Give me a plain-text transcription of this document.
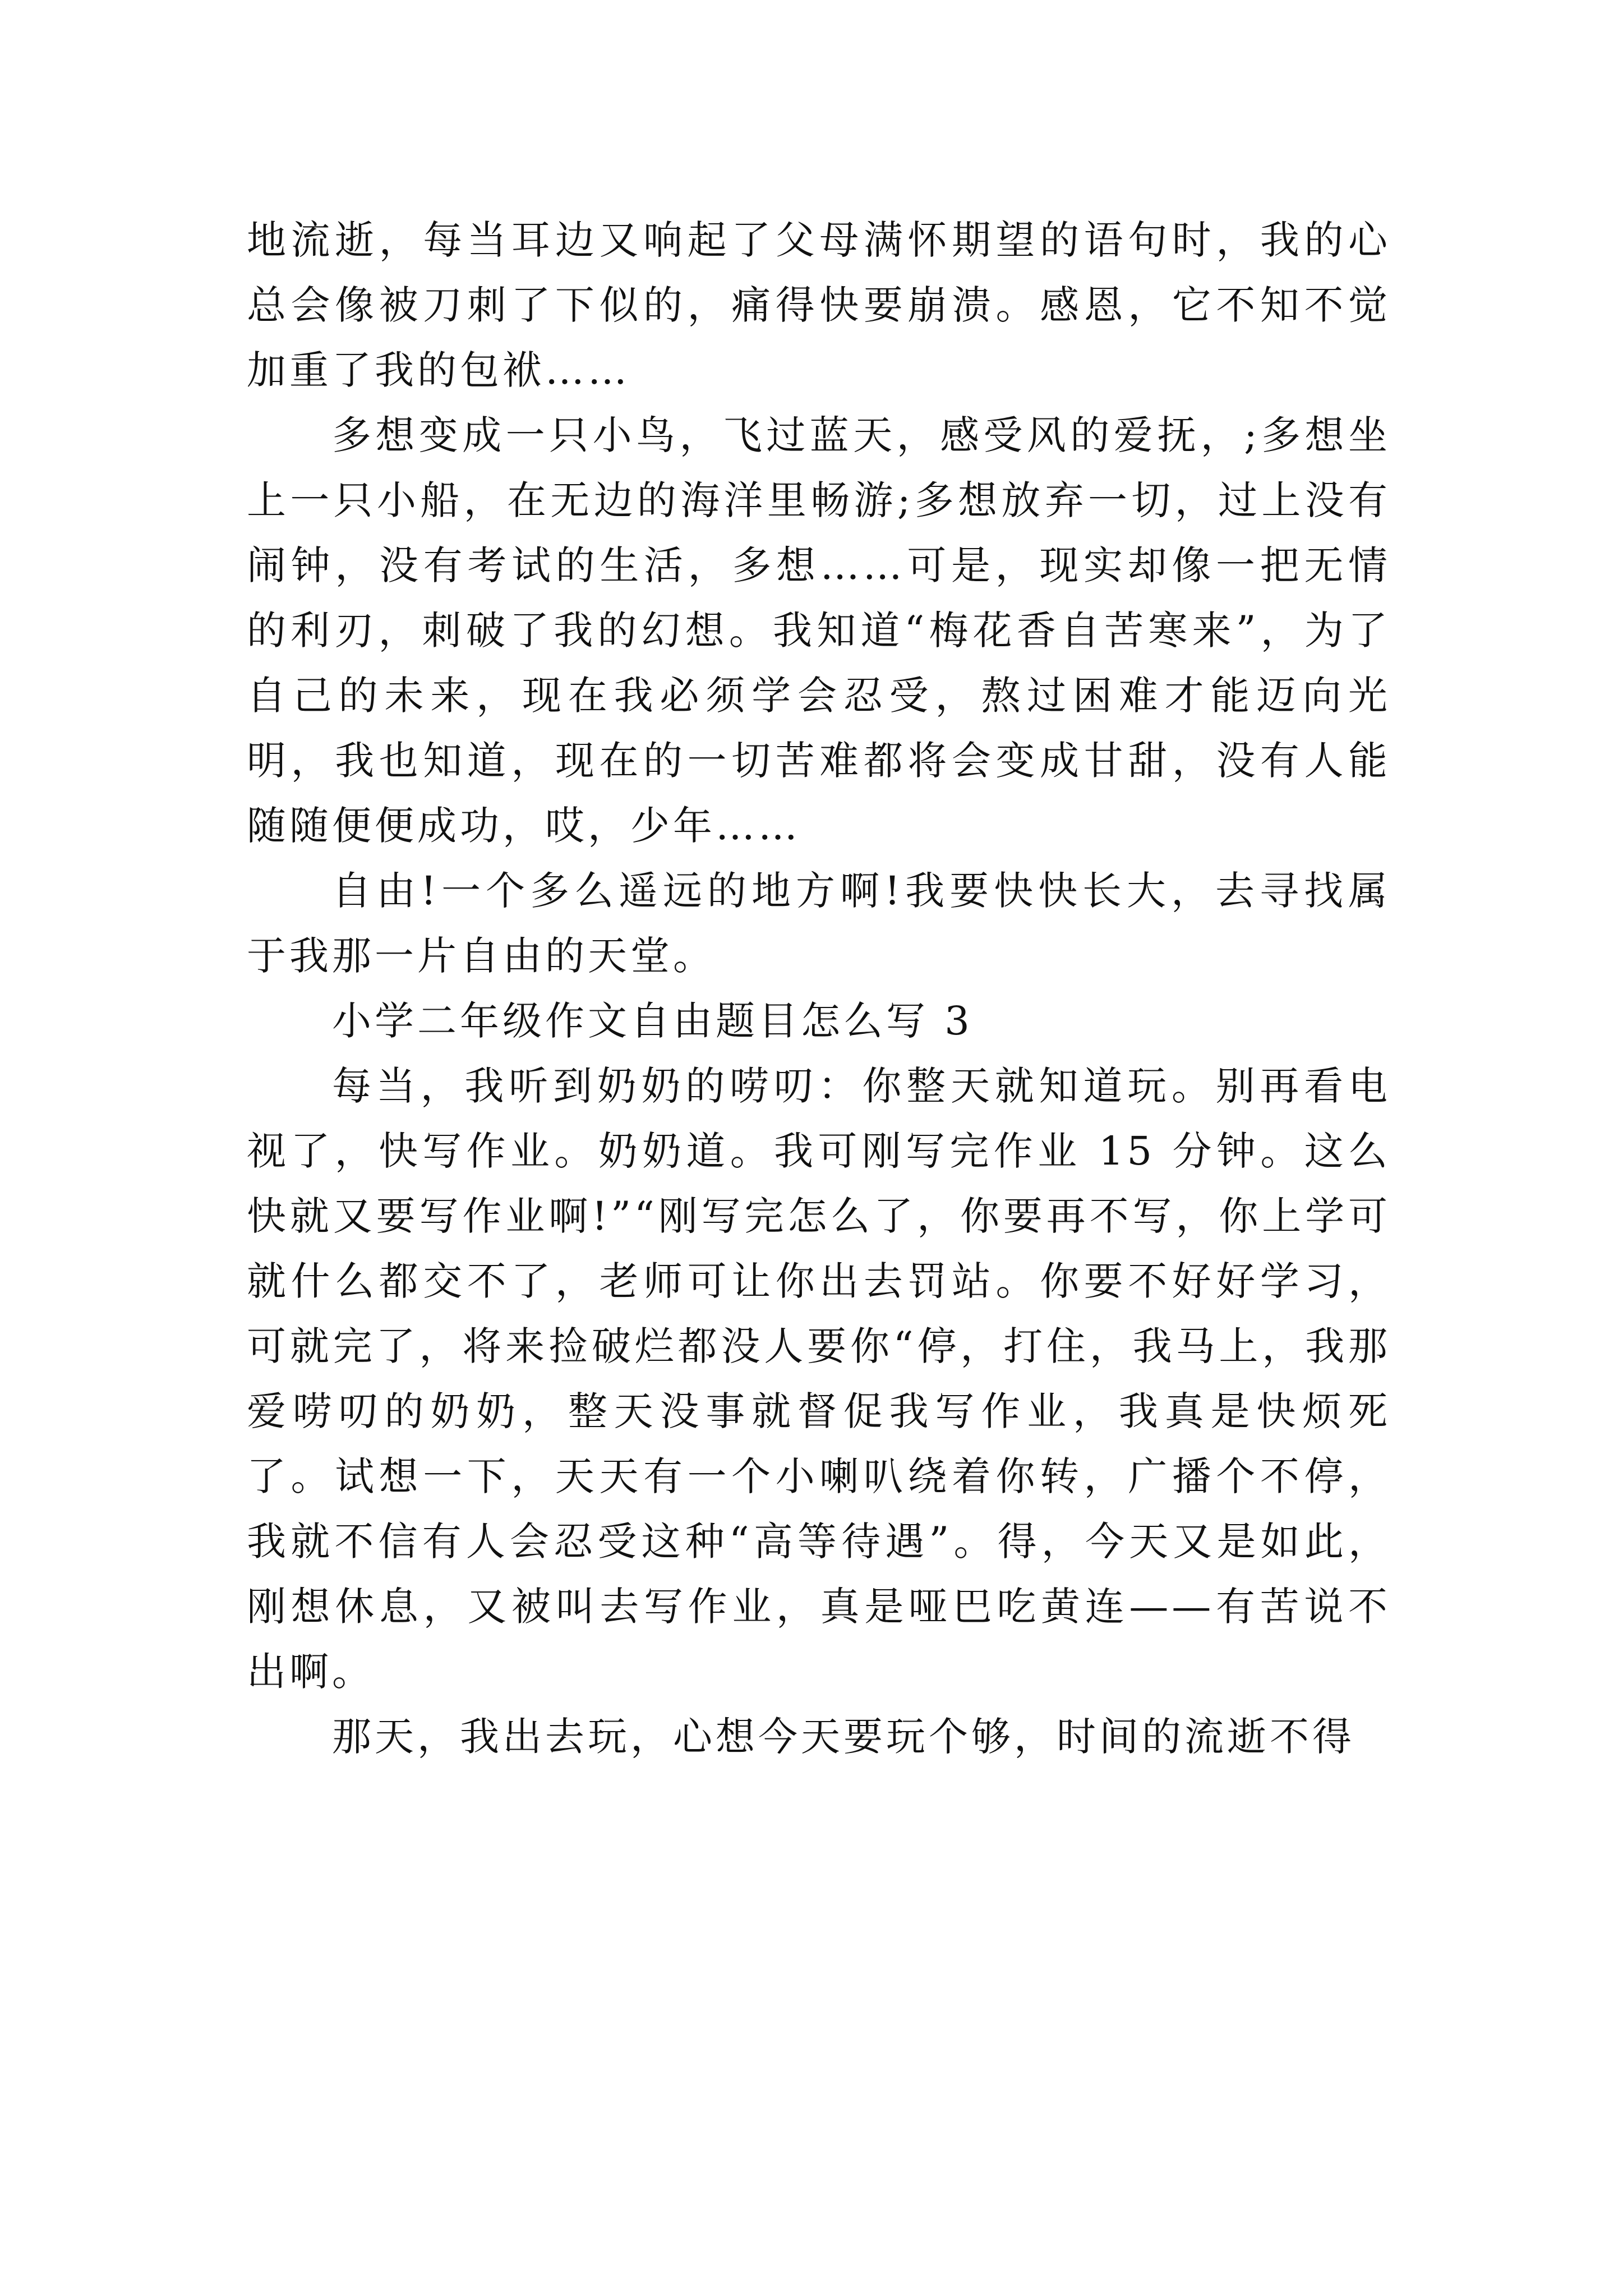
地流逝，每当耳边又响起了父母满怀期望的语句时，我的心总会像被刀刺了下似的，痛得快要崩溃。感恩，它不知不觉加重了我的包袱……

多想变成一只小鸟，飞过蓝天，感受风的爱抚，;多想坐上一只小船，在无边的海洋里畅游;多想放弃一切，过上没有闹钟，没有考试的生活，多想……可是，现实却像一把无情的利刃，刺破了我的幻想。我知道“梅花香自苦寒来”，为了自己的未来，现在我必须学会忍受，熬过困难才能迈向光明，我也知道，现在的一切苦难都将会变成甘甜，没有人能随随便便成功，哎，少年……

自由!一个多么遥远的地方啊!我要快快长大，去寻找属于我那一片自由的天堂。

小学二年级作文自由题目怎么写 3

每当，我听到奶奶的唠叨：你整天就知道玩。别再看电视了，快写作业。奶奶道。我可刚写完作业 15 分钟。这么快就又要写作业啊!”“刚写完怎么了，你要再不写，你上学可就什么都交不了，老师可让你出去罚站。你要不好好学习，可就完了，将来捡破烂都没人要你“停，打住，我马上，我那爱唠叨的奶奶，整天没事就督促我写作业，我真是快烦死了。试想一下，天天有一个小喇叭绕着你转，广播个不停，我就不信有人会忍受这种“高等待遇”。得，今天又是如此，刚想休息，又被叫去写作业，真是哑巴吃黄连——有苦说不出啊。

那天，我出去玩，心想今天要玩个够，时间的流逝不得
